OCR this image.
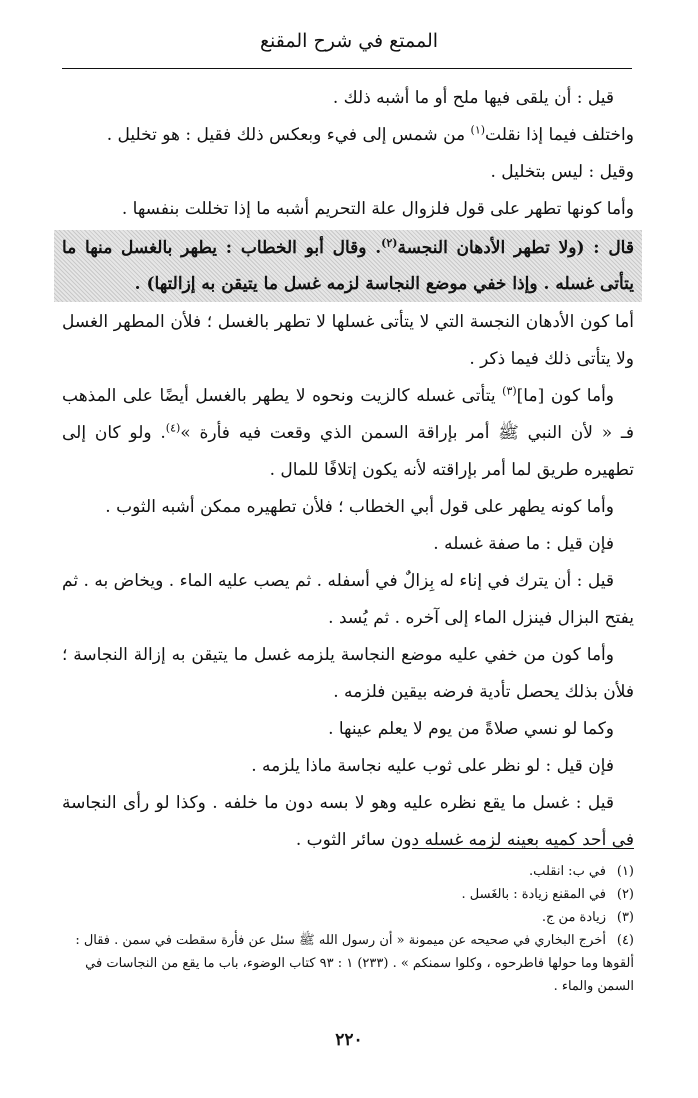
الممتع في شرح المقنع

قيل : أن يلقى فيها ملح أو ما أشبه ذلك .

واختلف فيما إذا نقلت$^{(١)}$ من شمس إلى فيء وبعكس ذلك فقيل : هو تخليل .

وقيل : ليس بتخليل .

وأما كونها تطهر على قول فلزوال علة التحريم أشبه ما إذا تخللت بنفسها .

قال : (ولا تطهر الأدهان النجسة$^{(٢)}$. وقال أبو الخطاب : يطهر بالغسل منها ما يتأتى غسله . وإذا خفي موضع النجاسة لزمه غسل ما يتيقن به إزالتها) .

أما كون الأدهان النجسة التي لا يتأتى غسلها لا تطهر بالغسل ؛ فلأن المطهر الغسل ولا يتأتى ذلك فيما ذكر .

وأما كون [ما]$^{(٣)}$ يتأتى غسله كالزيت ونحوه لا يطهر بالغسل أيضًا على المذهب فـ « لأن النبي ﷺ أمر بإراقة السمن الذي وقعت فيه فأرة »$^{(٤)}$. ولو كان إلى تطهيره طريق لما أمر بإراقته لأنه يكون إتلافًا للمال .

وأما كونه يطهر على قول أبي الخطاب ؛ فلأن تطهيره ممكن أشبه الثوب .

فإن قيل : ما صفة غسله .

قيل : أن يترك في إناء له بِزالٌ في أسفله . ثم يصب عليه الماء . ويخاض به . ثم يفتح البزال فينزل الماء إلى آخره . ثم يُسد .

وأما كون من خفي عليه موضع النجاسة يلزمه غسل ما يتيقن به إزالة النجاسة ؛ فلأن بذلك يحصل تأدية فرضه بيقين فلزمه .

وكما لو نسي صلاةً من يوم لا يعلم عينها .

فإن قيل : لو نظر على ثوب عليه نجاسة ماذا يلزمه .

قيل : غسل ما يقع نظره عليه وهو لا بسه دون ما خلفه . وكذا لو رأى النجاسة في أحد كميه بعينه لزمه غسله دون سائر الثوب .

(١)في ب: انقلب.

(٢)في المقنع زيادة : بالغَسل .

(٣)زيادة من ج.

(٤)أخرج البخاري في صحيحه عن ميمونة « أن رسول الله ﷺ سئل عن فأرة سقطت في سمن . فقال : ألقوها وما حولها فاطرحوه ، وكلوا سمنكم » . (٢٣٣) ١ : ٩٣ كتاب الوضوء، باب ما يقع من النجاسات في السمن والماء .

٢٢٠
